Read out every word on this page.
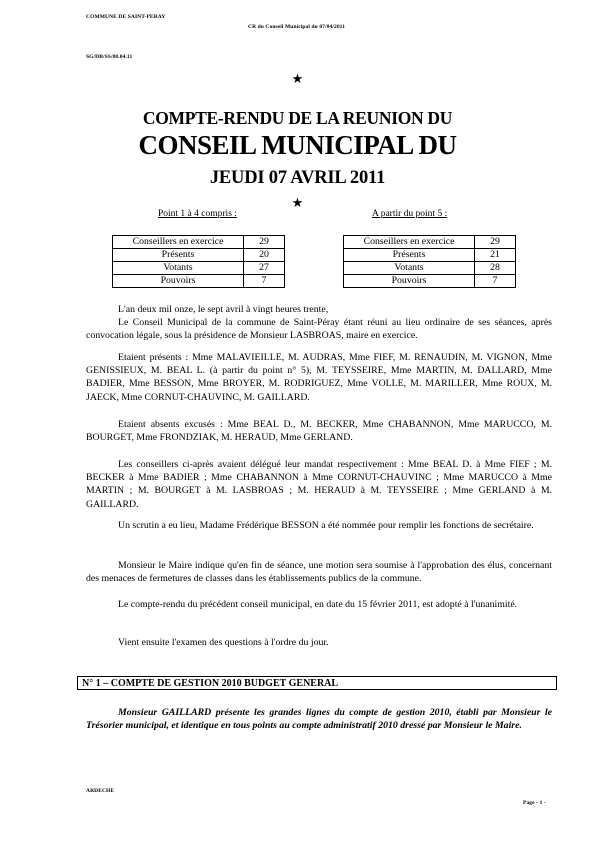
COMMUNE DE SAINT-PERAY
CR du Conseil Municipal du 07/04/2011
SG/DB/SS/08.04.11
★
COMPTE-RENDU DE LA REUNION DU
CONSEIL MUNICIPAL DU
JEUDI 07 AVRIL 2011
★
Point 1 à 4 compris :	A partir du point 5 :
Conseillers en exercice	29
Présents	20
Votants	27
Pouvoirs	7
Conseillers en exercice	29
Présents	21
Votants	28
Pouvoirs	7

L'an deux mil onze, le sept avril à vingt heures trente,

Le Conseil Municipal de la commune de Saint-Péray étant réuni au lieu ordinaire de ses séances, après convocation légale, sous la présidence de Monsieur LASBROAS, maire en exercice.

Etaient présents : Mme MALAVIEILLE, M. AUDRAS, Mme FIEF, M. RENAUDIN, M. VIGNON, Mme GENISSIEUX, M. BEAL L. (à partir du point n° 5), M. TEYSSEIRE, Mme MARTIN, M. DALLARD, Mme BADIER, Mme BESSON, Mme BROYER, M. RODRIGUEZ, Mme VOLLE, M. MARILLER, Mme ROUX, M. JAECK, Mme CORNUT-CHAUVINC, M. GAILLARD.

Etaient absents excusés : Mme BEAL D., M. BECKER, Mme CHABANNON, Mme MARUCCO, M. BOURGET, Mme FRONDZIAK, M. HERAUD, Mme GERLAND.

Les conseillers ci-après avaient délégué leur mandat respectivement : Mme BEAL D. à Mme FIEF ; M. BECKER à Mme BADIER ; Mme CHABANNON à Mme CORNUT-CHAUVINC ; Mme MARUCCO à Mme MARTIN ; M. BOURGET à M. LASBROAS ; M. HERAUD à M. TEYSSEIRE ; Mme GERLAND à M. GAILLARD.

Un scrutin a eu lieu, Madame Frédérique BESSON a été nommée pour remplir les fonctions de secrétaire.

Monsieur le Maire indique qu'en fin de séance, une motion sera soumise à l'approbation des élus, concernant des menaces de fermetures de classes dans les établissements publics de la commune.

Le compte-rendu du précédent conseil municipal, en date du 15 février 2011, est adopté à l'unanimité.

Vient ensuite l'examen des questions à l'ordre du jour.

N° 1 – COMPTE DE GESTION 2010 BUDGET GENERAL

Monsieur GAILLARD présente les grandes lignes du compte de gestion 2010, établi par Monsieur le Trésorier municipal, et identique en tous points au compte administratif 2010 dressé par Monsieur le Maire.

ARDECHE
Page - 1 -
